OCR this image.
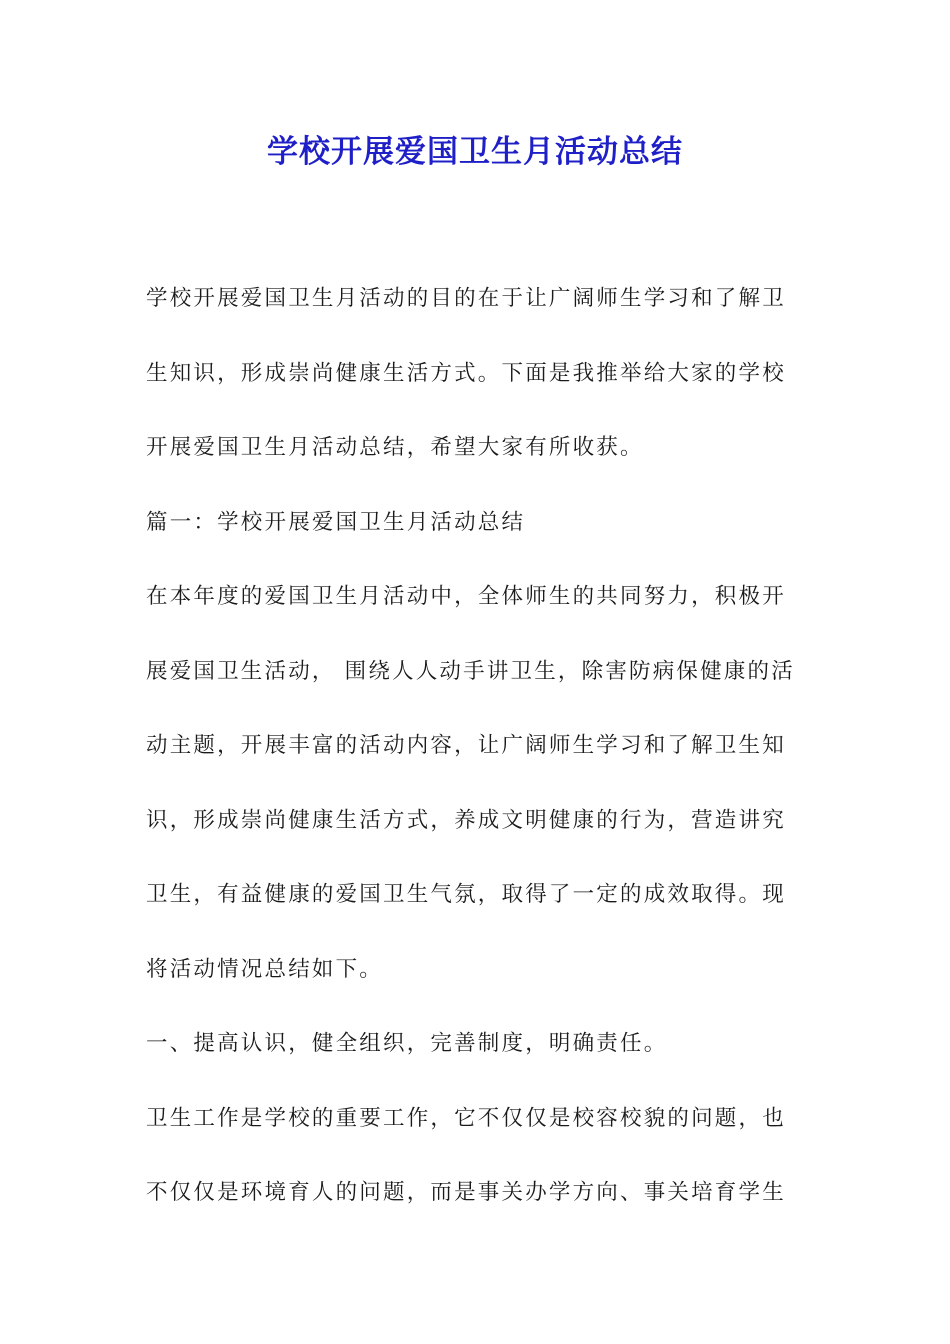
学校开展爱国卫生月活动总结

学校开展爱国卫生月活动的目的在于让广阔师生学习和了解卫
生知识，形成崇尚健康生活方式。下面是我推举给大家的学校
开展爱国卫生月活动总结，希望大家有所收获。

篇一：学校开展爱国卫生月活动总结

在本年度的爱国卫生月活动中，全体师生的共同努力，积极开
展爱国卫生活动， 围绕人人动手讲卫生，除害防病保健康的活
动主题，开展丰富的活动内容，让广阔师生学习和了解卫生知
识，形成崇尚健康生活方式，养成文明健康的行为，营造讲究
卫生，有益健康的爱国卫生气氛，取得了一定的成效取得。现
将活动情况总结如下。

一、提高认识，健全组织，完善制度，明确责任。

卫生工作是学校的重要工作，它不仅仅是校容校貌的问题，也
不仅仅是环境育人的问题，而是事关办学方向、事关培育学生
